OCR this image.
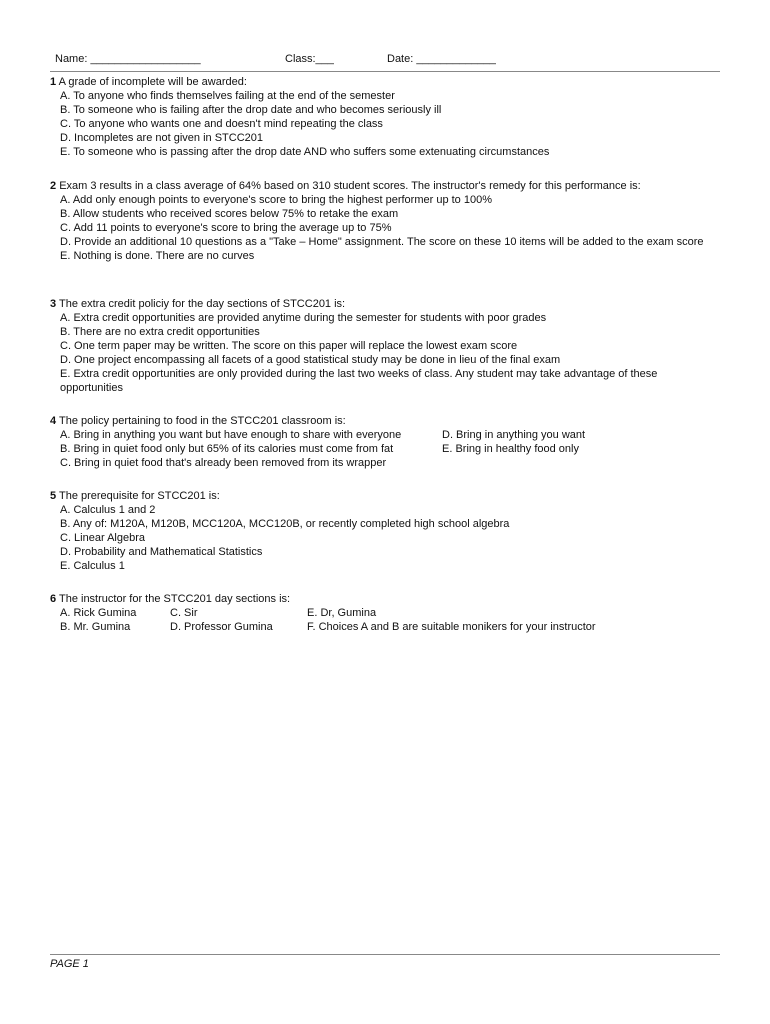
Name: __________________	Class:___	Date: _____________
1 A grade of incomplete will be awarded:
A. To anyone who finds themselves failing at the end of the semester
B. To someone who is failing after the drop date and who becomes seriously ill
C. To anyone who wants one and doesn't mind repeating the class
D. Incompletes are not given in STCC201
E. To someone who is passing after the drop date AND who suffers some extenuating circumstances
2 Exam 3 results in a class average of 64% based on 310 student scores. The instructor's remedy for this performance is:
A. Add only enough points to everyone's score to bring the highest performer up to 100%
B. Allow students who received scores below 75% to retake the exam
C. Add 11 points to everyone's score to bring the average up to 75%
D. Provide an additional 10 questions as a "Take – Home" assignment. The score on these 10 items will be added to the exam score
E. Nothing is done. There are no curves
3 The extra credit policiy for the day sections of STCC201 is:
A. Extra credit opportunities are provided anytime during the semester for students with poor grades
B. There are no extra credit opportunities
C. One term paper may be written. The score on this paper will replace the lowest exam score
D. One project encompassing all facets of a good statistical study may be done in lieu of the final exam
E. Extra credit opportunities are only provided during the last two weeks of class. Any student may take advantage of these opportunities
4 The policy pertaining to food in the STCC201 classroom is:
A. Bring in anything you want but have enough to share with everyone	D. Bring in anything you want
B. Bring in quiet food only but 65% of its calories must come from fat	E. Bring in healthy food only
C. Bring in quiet food that's already been removed from its wrapper
5 The prerequisite for STCC201 is:
A. Calculus 1 and 2
B. Any of: M120A, M120B, MCC120A, MCC120B, or recently completed high school algebra
C. Linear Algebra
D. Probability and Mathematical Statistics
E. Calculus 1
6 The instructor for the STCC201 day sections is:
A. Rick Gumina	C. Sir	E. Dr, Gumina
B. Mr. Gumina	D. Professor Gumina	F. Choices A and B are suitable monikers for your instructor
PAGE 1
